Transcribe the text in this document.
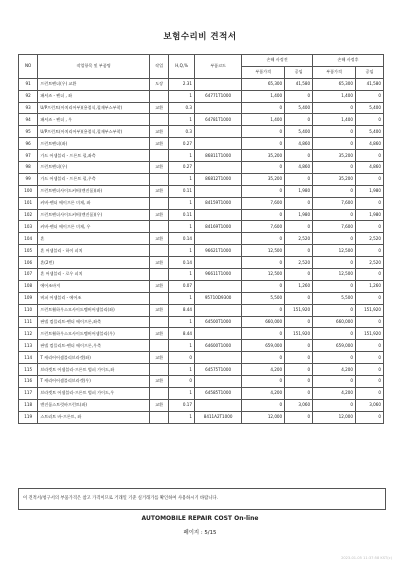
보험수리비 견적서
NO	작업항목 및 부품명	작업	H,Q,%	부품코드	손해 사정전		손해 사정후	
					부품가격	공임	부품가격	공임
91	프런트펜더(우) 교환	도장	2.31		65,300	41,580	65,300	41,580
92	패셔즈 - 펜더 , 좌		1	64771T1000	1,400	0	1,400	0
93	U/P프런트(아치리어부)(용접식,철재부스부착)	교환	0.3		0	5,400	0	5,400
94	패셔즈 - 펜더 , 우		1	64781T1000	1,400	0	1,400	0
95	U/P프런트(아치리어부)(용접식,철재부스부착)	교환	0.3		0	5,400	0	5,400
96	프런트펜더(좌)	교환	0.27		0	4,860	0	4,860
97	가드 어셈블리 - 프론트 펄,좌측		1	86811T1000	35,200	0	35,200	0
98	프런트펜더(우)	교환	0.27		0	4,860	0	4,860
99	가드 어셈블리 - 프론트 펄,우측		1	86812T1000	35,200	0	35,200	0
100	프런트펜더사이드커버(엔진룸)(좌)	교환	0.11		0	1,980	0	1,980
101	커버-펜더 에이프론 미제, 좌		1	84159T1000	7,600	0	7,600	0
102	프런트펜더사이드커버(엔진룸)(우)	교환	0.11		0	1,980	0	1,980
103	커버-펜더 에이프론 미제, 우		1	84169T1000	7,600	0	7,600	0
104	혼	교환	0.14		0	2,520	0	2,520
105	혼 어셈블리 - 하이 피치		1	96621T1000	12,500	0	12,500	0
106	혼(2번)	교환	0.14		0	2,520	0	2,520
107	혼 어셈블리 - 로우 피치		1	96611T1000	12,500	0	12,500	0
108	에어조바져	교환	0.07		0	1,260	0	1,260
109	버퍼 어셈블리 - 에어조		1	95710D9300	5,500	0	5,500	0
110	프런트휠하우스모사이드멤버어셈블리(좌)	교환	8.44		0	151,920	0	151,920
111	판넬 컴플리트-펜더 에이프론,좌측		1	64500T1000	660,000	0	660,000	0
112	프런트휠하우스모사이드멤버어셈블리(우)	교환	8.44		0	151,920	0	151,920
113	판넬 컴플리트-펜더 에이프론,우측		1	64600T1000	659,000	0	659,000	0
114	T 캐리어어셈블리브라켓(좌)	교환	0		0	0	0	0
115	브라켓트 어셈블리-프론트 범퍼 가이드,좌		1	64575T1000	4,200	0	4,200	0
116	T 캐리어어셈블리브라켓(우)	교환	0		0	0	0	0
117	브라켓트 어셈블리-프론트 범퍼 가이드,우		1	64585T1000	4,200	0	4,200	0
118	엔진룸스트럿바프런트(좌)	교환	0.17		0	3,060	0	3,060
119	스트러트 바-프론트, 좌		1	8411A2T1000	12,000	0	12,000	0
이 견적서/청구서의 부품가격은 참고 가격이므로 거래일 기준 실거래가를 확인하여 사용하시기 바랍니다.
AUTOMOBILE REPAIR COST On-line
페이지 : 5/15
2023-01-05 11:37:58 KST(c)
